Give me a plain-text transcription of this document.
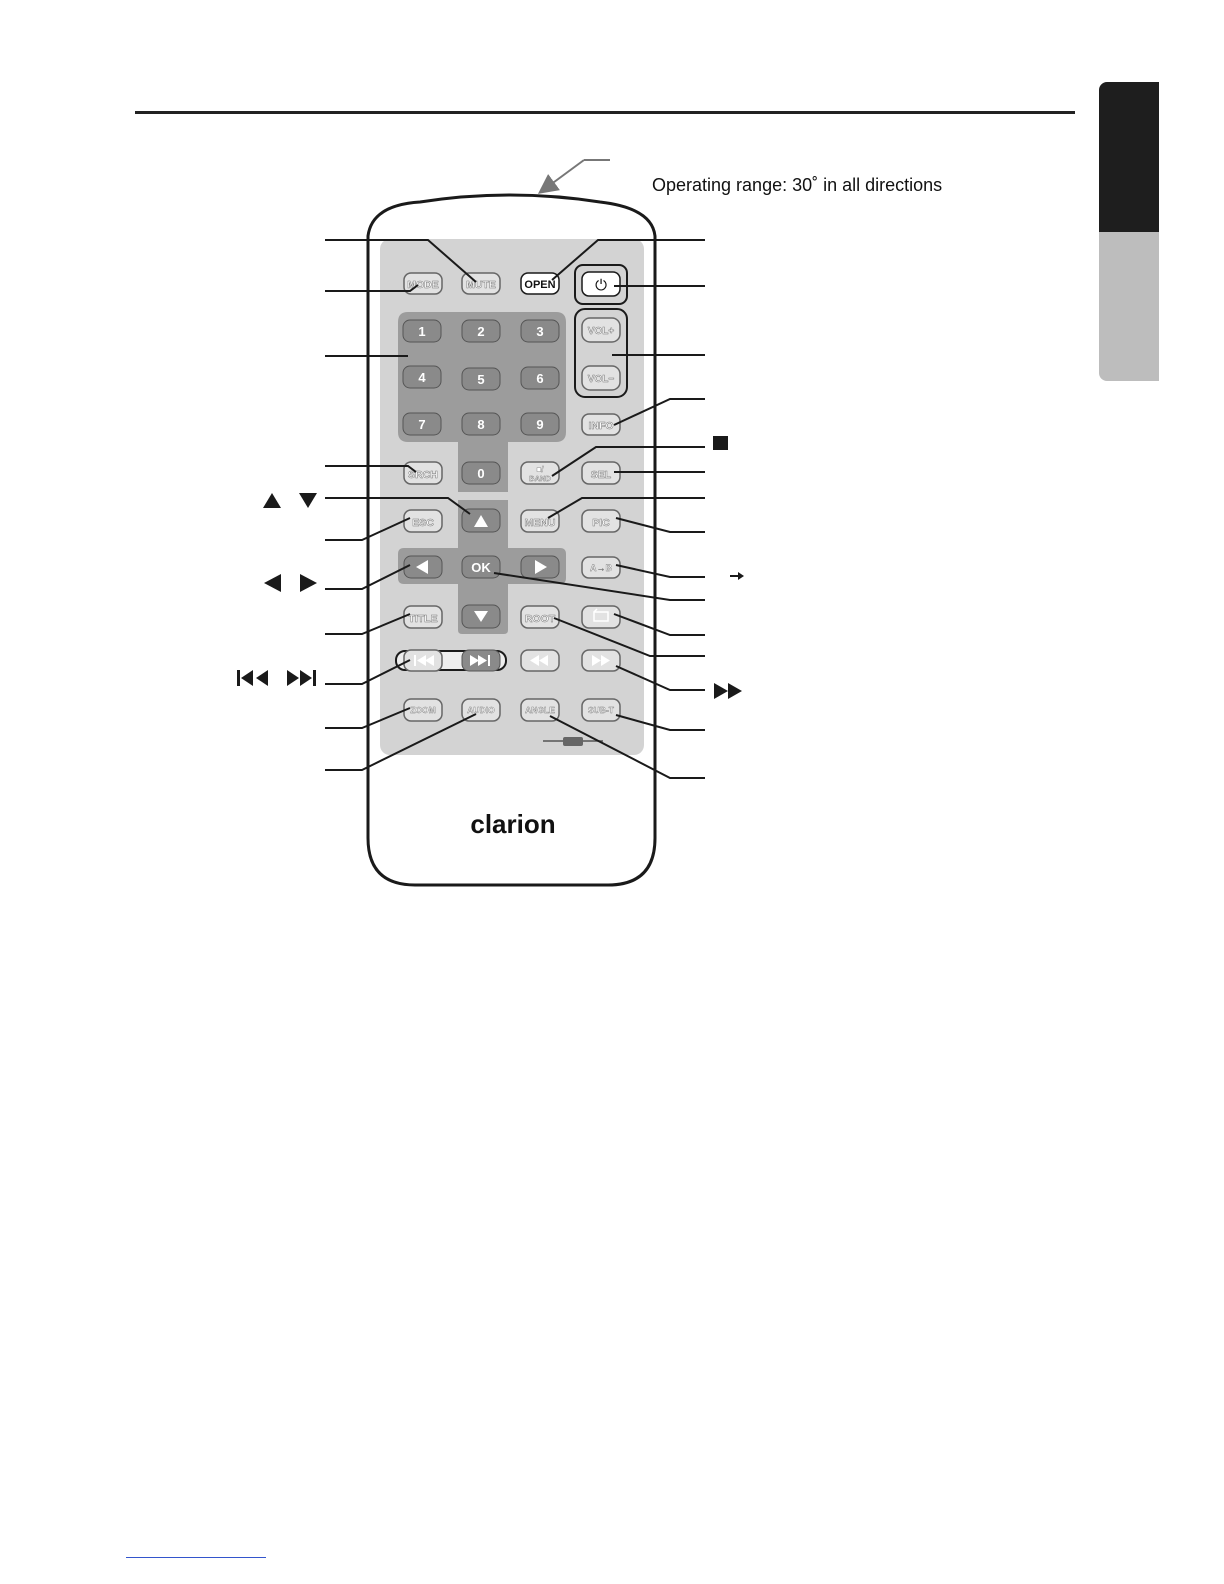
Operating range: 30˚ in all directions
MODE	MUTE	OPEN	⏻
1	2	3
4	5	6
7	8	9
0
VOL+
VOL−
INFO
SRCH	■/
BAND	SEL
ESC	MENU	PIC
OK	A→B
TITLE	ROOT
ZOOM	AUDIO	ANGLE	SUB-T
clarion
